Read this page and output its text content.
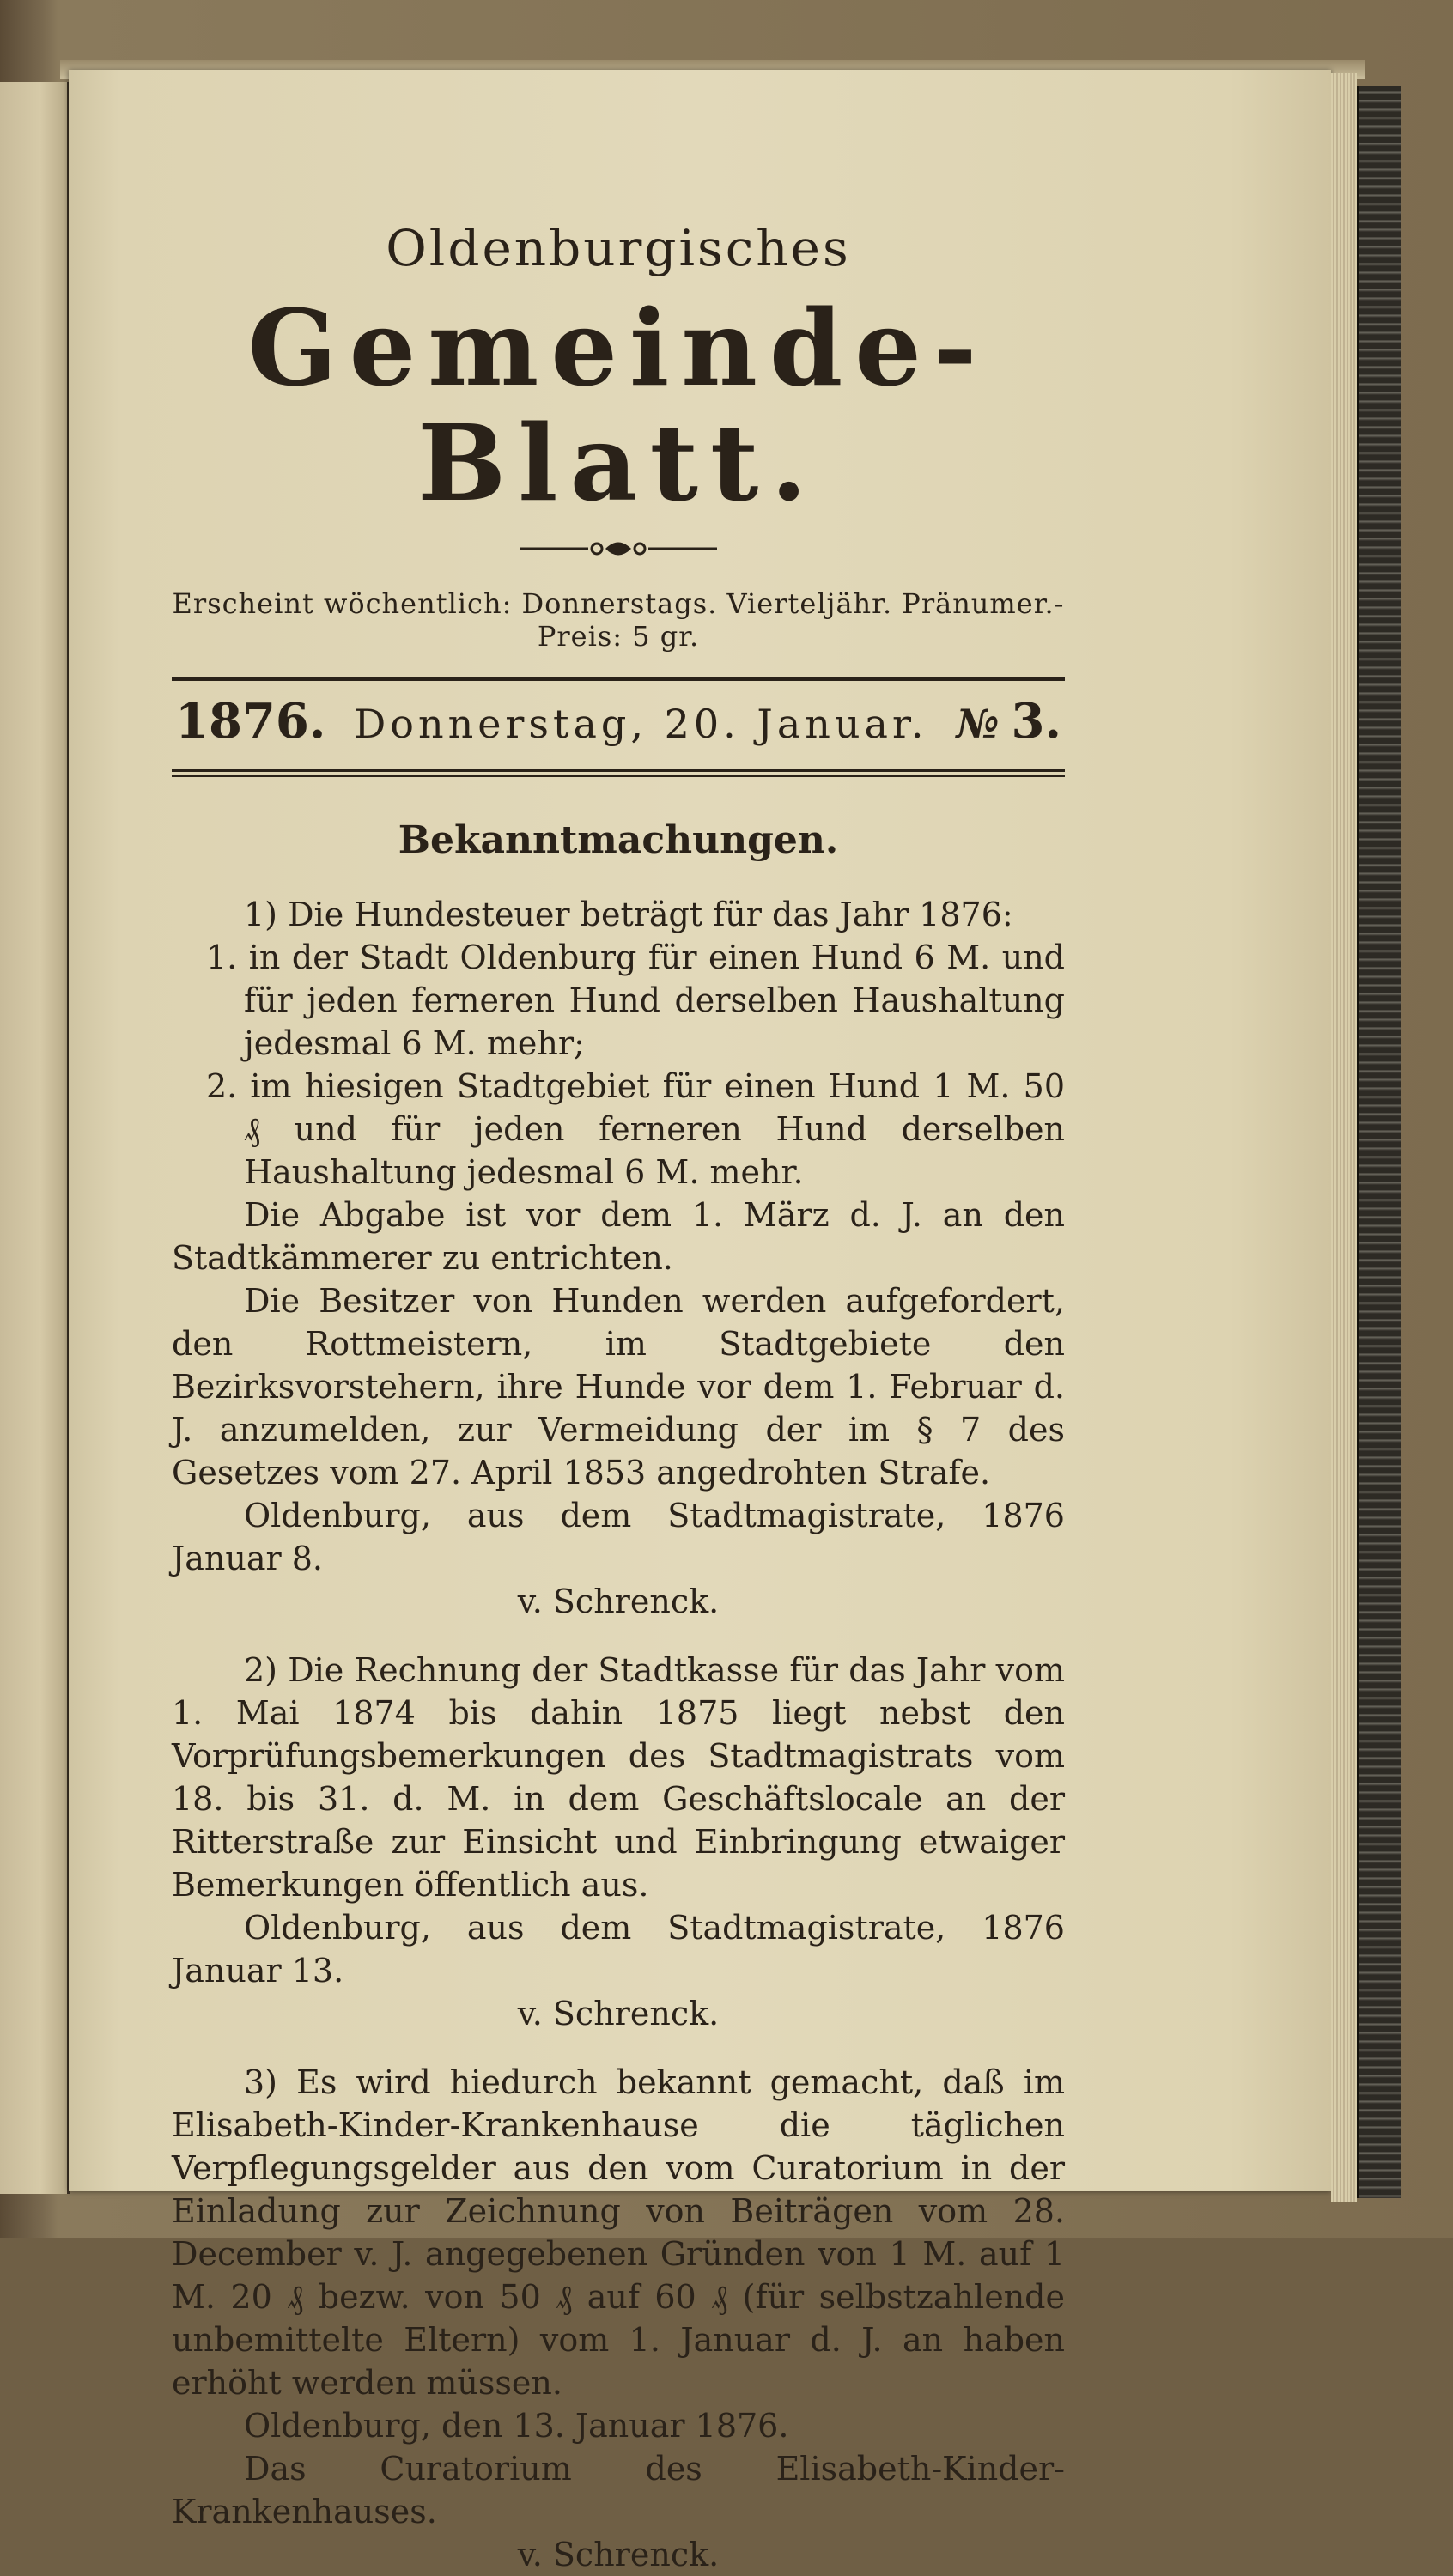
Oldenburgisches
Gemeinde-Blatt.
Erscheint wöchentlich: Donnerstags. Vierteljähr. Pränumer.-Preis: 5 gr.
1876. Donnerstag, 20. Januar. № 3.
Bekanntmachungen.

1) Die Hundesteuer beträgt für das Jahr 1876:

1. in der Stadt Oldenburg für einen Hund 6 M. und für jeden ferneren Hund derselben Haushaltung jedesmal 6 M. mehr;

2. im hiesigen Stadtgebiet für einen Hund 1 M. 50 ₰ und für jeden ferneren Hund derselben Haushaltung jedesmal 6 M. mehr.

Die Abgabe ist vor dem 1. März d. J. an den Stadtkämmerer zu entrichten.

Die Besitzer von Hunden werden aufgefordert, den Rottmeistern, im Stadtgebiete den Bezirksvorstehern, ihre Hunde vor dem 1. Februar d. J. anzumelden, zur Vermeidung der im § 7 des Gesetzes vom 27. April 1853 angedrohten Strafe.

Oldenburg, aus dem Stadtmagistrate, 1876 Januar 8.

v. Schrenck.

2) Die Rechnung der Stadtkasse für das Jahr vom 1. Mai 1874 bis dahin 1875 liegt nebst den Vorprüfungsbemerkungen des Stadtmagistrats vom 18. bis 31. d. M. in dem Geschäftslocale an der Ritterstraße zur Einsicht und Einbringung etwaiger Bemerkungen öffentlich aus.

Oldenburg, aus dem Stadtmagistrate, 1876 Januar 13.

v. Schrenck.

3) Es wird hiedurch bekannt gemacht, daß im Elisabeth-Kinder-Krankenhause die täglichen Verpflegungsgelder aus den vom Curatorium in der Einladung zur Zeichnung von Beiträgen vom 28. December v. J. angegebenen Gründen von 1 M. auf 1 M. 20 ₰ bezw. von 50 ₰ auf 60 ₰ (für selbstzahlende unbemittelte Eltern) vom 1. Januar d. J. an haben erhöht werden müssen.

Oldenburg, den 13. Januar 1876.

Das Curatorium des Elisabeth-Kinder-Krankenhauses.

v. Schrenck.
